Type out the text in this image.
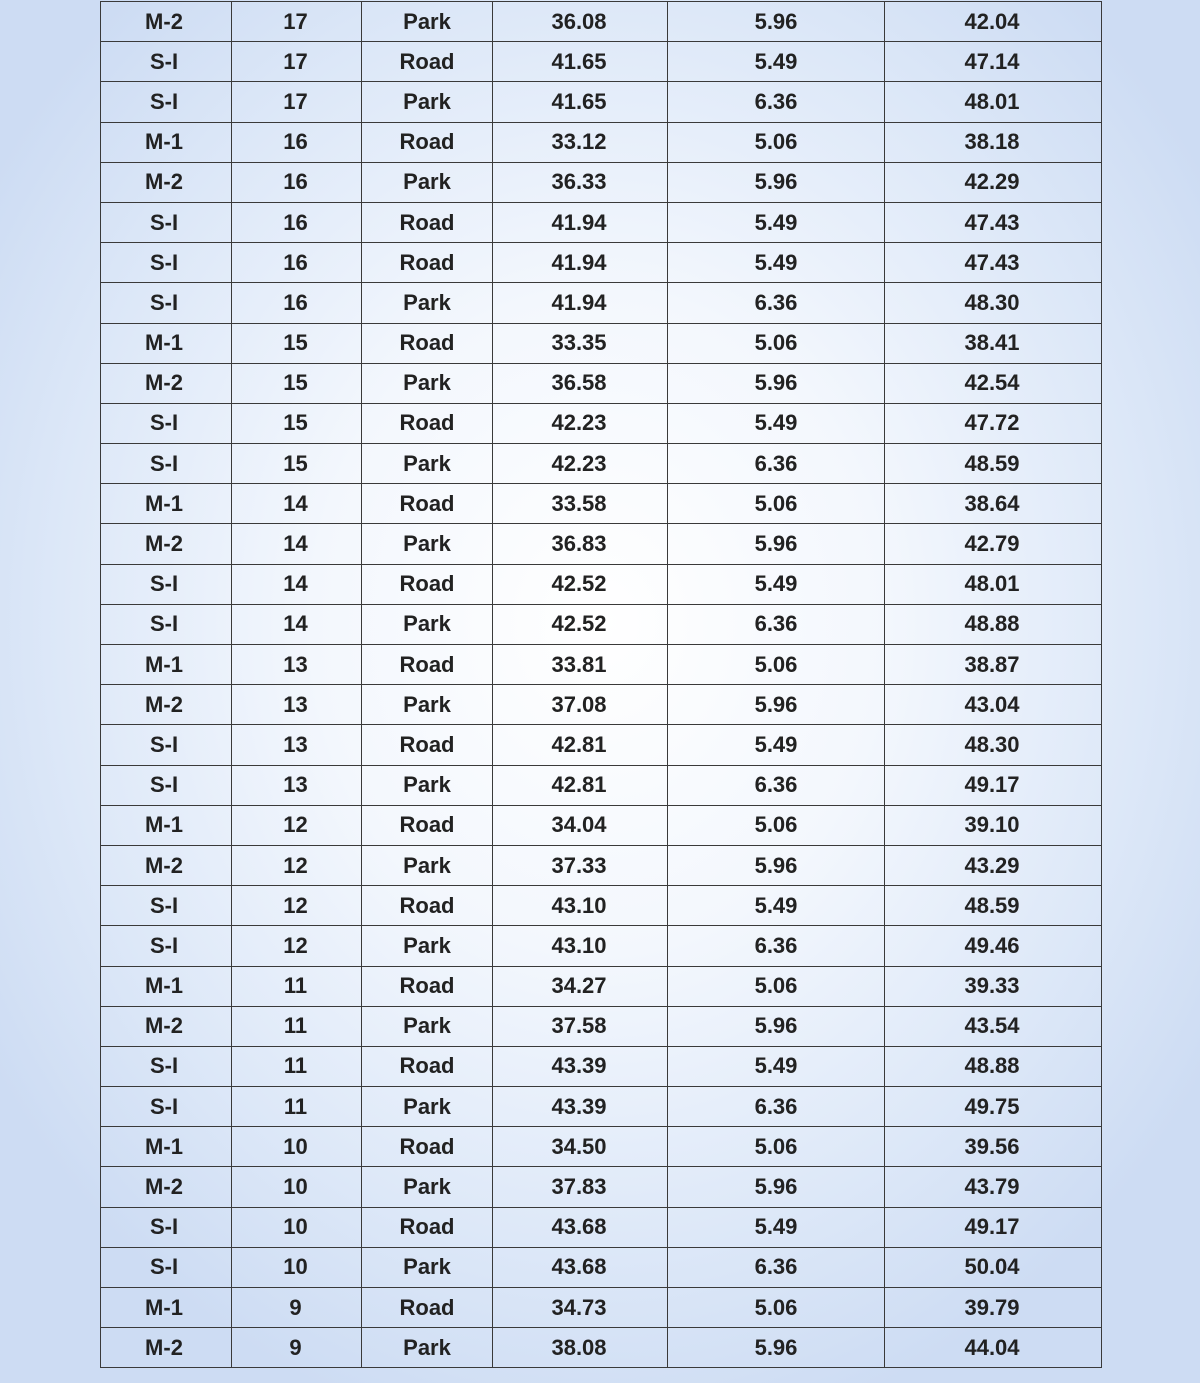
M-2	17	Park	36.08	5.96	42.04
S-I	17	Road	41.65	5.49	47.14
S-I	17	Park	41.65	6.36	48.01
M-1	16	Road	33.12	5.06	38.18
M-2	16	Park	36.33	5.96	42.29
S-I	16	Road	41.94	5.49	47.43
S-I	16	Road	41.94	5.49	47.43
S-I	16	Park	41.94	6.36	48.30
M-1	15	Road	33.35	5.06	38.41
M-2	15	Park	36.58	5.96	42.54
S-I	15	Road	42.23	5.49	47.72
S-I	15	Park	42.23	6.36	48.59
M-1	14	Road	33.58	5.06	38.64
M-2	14	Park	36.83	5.96	42.79
S-I	14	Road	42.52	5.49	48.01
S-I	14	Park	42.52	6.36	48.88
M-1	13	Road	33.81	5.06	38.87
M-2	13	Park	37.08	5.96	43.04
S-I	13	Road	42.81	5.49	48.30
S-I	13	Park	42.81	6.36	49.17
M-1	12	Road	34.04	5.06	39.10
M-2	12	Park	37.33	5.96	43.29
S-I	12	Road	43.10	5.49	48.59
S-I	12	Park	43.10	6.36	49.46
M-1	11	Road	34.27	5.06	39.33
M-2	11	Park	37.58	5.96	43.54
S-I	11	Road	43.39	5.49	48.88
S-I	11	Park	43.39	6.36	49.75
M-1	10	Road	34.50	5.06	39.56
M-2	10	Park	37.83	5.96	43.79
S-I	10	Road	43.68	5.49	49.17
S-I	10	Park	43.68	6.36	50.04
M-1	9	Road	34.73	5.06	39.79
M-2	9	Park	38.08	5.96	44.04
